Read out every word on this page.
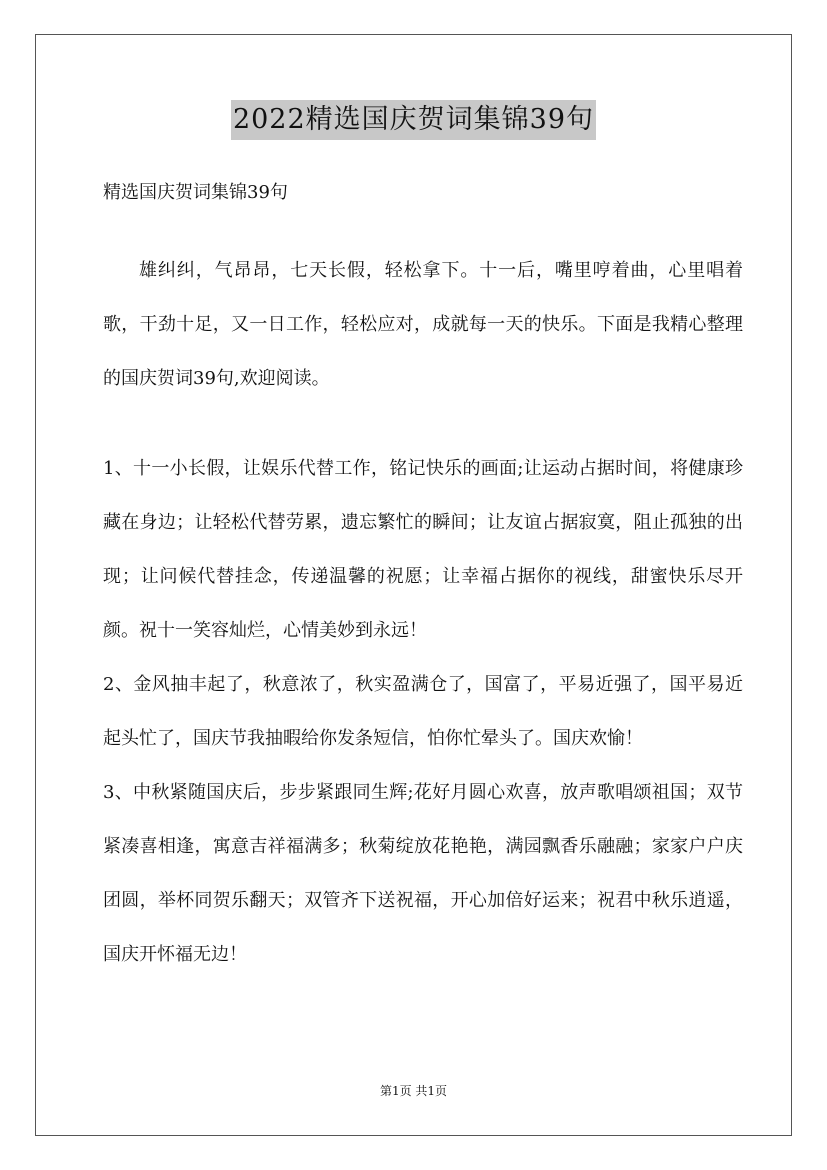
2022精选国庆贺词集锦39句
精选国庆贺词集锦39句

雄纠纠，气昂昂，七天长假，轻松拿下。十一后，嘴里哼着曲，心里唱着歌，干劲十足，又一日工作，轻松应对，成就每一天的快乐。下面是我精心整理的国庆贺词39句,欢迎阅读。

1、十一小长假，让娱乐代替工作，铭记快乐的画面;让运动占据时间，将健康珍藏在身边；让轻松代替劳累，遗忘繁忙的瞬间；让友谊占据寂寞，阻止孤独的出现；让问候代替挂念，传递温馨的祝愿；让幸福占据你的视线，甜蜜快乐尽开颜。祝十一笑容灿烂，心情美妙到永远！

2、金风抽丰起了，秋意浓了，秋实盈满仓了，国富了，平易近强了，国平易近起头忙了，国庆节我抽暇给你发条短信，怕你忙晕头了。国庆欢愉！

3、中秋紧随国庆后，步步紧跟同生辉;花好月圆心欢喜，放声歌唱颂祖国；双节紧凑喜相逢，寓意吉祥福满多；秋菊绽放花艳艳，满园飘香乐融融；家家户户庆团圆，举杯同贺乐翻天；双管齐下送祝福，开心加倍好运来；祝君中秋乐逍遥，国庆开怀福无边！

第1页 共1页
